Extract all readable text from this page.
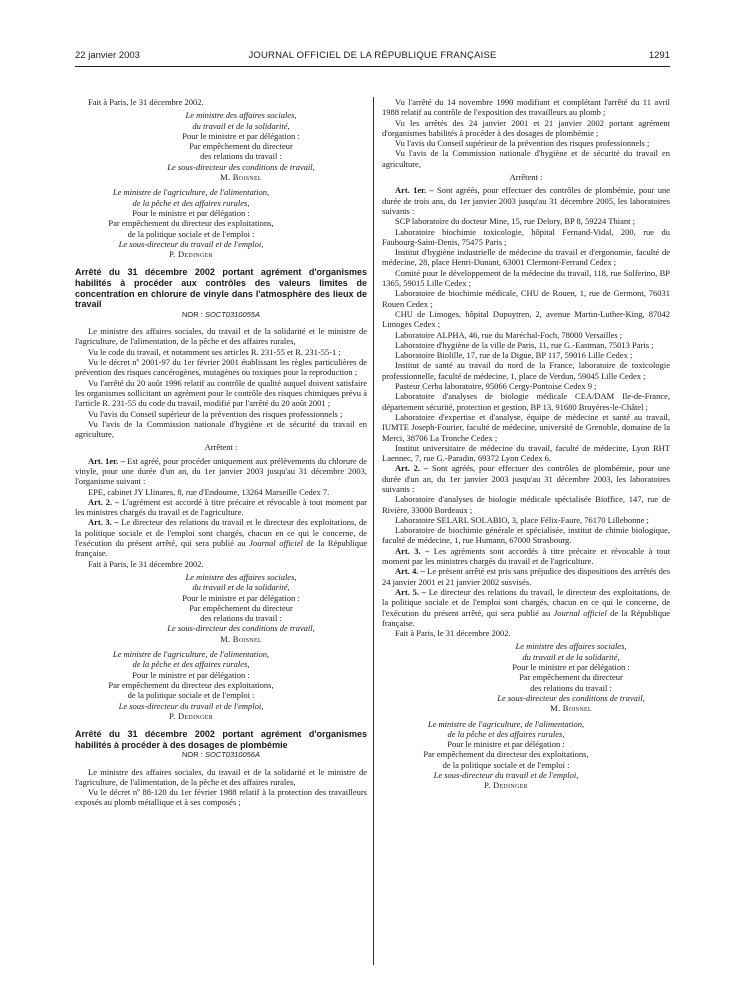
22 janvier 2003	JOURNAL OFFICIEL DE LA RÉPUBLIQUE FRANÇAISE	1291

Fait à Paris, le 31 décembre 2002.

Le ministre des affaires sociales,

du travail et de la solidarité,

Pour le ministre et par délégation :

Par empêchement du directeur

des relations du travail :

Le sous-directeur des conditions de travail,

M. Boisnel

Le ministre de l'agriculture, de l'alimentation,

de la pêche et des affaires rurales,

Pour le ministre et par délégation :

Par empêchement du directeur des exploitations,

de la politique sociale et de l'emploi :

Le sous-directeur du travail et de l'emploi,

P. Dedinger

Arrêté du 31 décembre 2002 portant agrément d'organismes habilités à procéder aux contrôles des valeurs limites de concentration en chlorure de vinyle dans l'atmosphère des lieux de travail

NOR : SOCT0310055A

Le ministre des affaires sociales, du travail et de la solidarité et le ministre de l'agriculture, de l'alimentation, de la pêche et des affaires rurales,

Vu le code du travail, et notamment ses articles R. 231-55 et R. 231-55-1 ;

Vu le décret nº 2001-97 du 1er février 2001 établissant les règles particulières de prévention des risques cancérogènes, mutagènes ou toxiques pour la reproduction ;

Vu l'arrêté du 20 août 1996 relatif au contrôle de qualité auquel doivent satisfaire les organismes sollicitant un agrément pour le contrôle des risques chimiques prévu à l'article R. 231-55 du code du travail, modifié par l'arrêté du 20 août 2001 ;

Vu l'avis du Conseil supérieur de la prévention des risques professionnels ;

Vu l'avis de la Commission nationale d'hygiène et de sécurité du travail en agriculture,

Arrêtent :

Art. 1er. – Est agréé, pour procéder uniquement aux prélèvements du chlorure de vinyle, pour une durée d'un an, du 1er janvier 2003 jusqu'au 31 décembre 2003, l'organisme suivant :

EPE, cabinet JY Llinares, 8, rue d'Endoume, 13264 Marseille Cedex 7.

Art. 2. – L'agrément est accordé à titre précaire et révocable à tout moment par les ministres chargés du travail et de l'agriculture.

Art. 3. – Le directeur des relations du travail et le directeur des exploitations, de la politique sociale et de l'emploi sont chargés, chacun en ce qui le concerne, de l'exécution du présent arrêté, qui sera publié au Journal officiel de la République française.

Fait à Paris, le 31 décembre 2002.

Le ministre des affaires sociales,

du travail et de la solidarité,

Pour le ministre et par délégation :

Par empêchement du directeur

des relations du travail :

Le sous-directeur des conditions de travail,

M. Boisnel

Le ministre de l'agriculture, de l'alimentation,

de la pêche et des affaires rurales,

Pour le ministre et par délégation :

Par empêchement du directeur des exploitations,

de la politique sociale et de l'emploi :

Le sous-directeur du travail et de l'emploi,

P. Dedinger

Arrêté du 31 décembre 2002 portant agrément d'organismes habilités à procéder à des dosages de plombémie

NOR : SOCT0310056A

Le ministre des affaires sociales, du travail et de la solidarité et le ministre de l'agriculture, de l'alimentation, de la pêche et des affaires rurales,

Vu le décret nº 88-120 du 1er février 1988 relatif à la protection des travailleurs exposés au plomb métallique et à ses composés ;

Vu l'arrêté du 14 novembre 1990 modifiant et complétant l'arrêté du 11 avril 1988 relatif au contrôle de l'exposition des travailleurs au plomb ;

Vu les arrêtés des 24 janvier 2001 et 21 janvier 2002 portant agrément d'organismes habilités à procéder à des dosages de plombémie ;

Vu l'avis du Conseil supérieur de la prévention des risques professionnels ;

Vu l'avis de la Commission nationale d'hygiène et de sécurité du travail en agriculture,

Arrêtent :

Art. 1er. – Sont agréés, pour effectuer des contrôles de plombémie, pour une durée de trois ans, du 1er janvier 2003 jusqu'au 31 décembre 2005, les laboratoires suivants :

SCP laboratoire du docteur Mine, 15, rue Delory, BP 8, 59224 Thiant ;

Laboratoire biochimie toxicologie, hôpital Fernand-Vidal, 200, rue du Faubourg-Saint-Denis, 75475 Paris ;

Institut d'hygiène industrielle de médecine du travail et d'ergonomie, faculté de médecine, 28, place Henri-Dunant, 63001 Clermont-Ferrand Cedex ;

Comité pour le développement de la médecine du travail, 118, rue Solferino, BP 1365, 59015 Lille Cedex ;

Laboratoire de biochimie médicale, CHU de Rouen, 1, rue de Germont, 76031 Rouen Cedex ;

CHU de Limoges, hôpital Dupuytren, 2, avenue Martin-Luther-King, 87042 Limoges Cedex ;

Laboratoire ALPHA, 46, rue du Maréchal-Foch, 78000 Versailles ;

Laboratoire d'hygiène de la ville de Paris, 11, rue G.-Eastman, 75013 Paris ;

Laboratoire Biolille, 17, rue de la Digue, BP 117, 59016 Lille Cedex ;

Institut de santé au travail du nord de la France, laboratoire de toxicologie professionnelle, faculté de médecine, 1, place de Verdun, 59045 Lille Cedex ;

Pasteur Cerba laboratoire, 95066 Cergy-Pontoise Cedex 9 ;

Laboratoire d'analyses de biologie médicale CEA/DAM Ile-de-France, département sécurité, protection et gestion, BP 13, 91680 Bruyères-le-Châtel ;

Laboratoire d'expertise et d'analyse, équipe de médecine et santé au travail, IUMTE Joseph-Fourier, faculté de médecine, université de Grenoble, domaine de la Merci, 38706 La Tronche Cedex ;

Institut universitaire de médecine du travail, faculté de médecine, Lyon RHT Laennec, 7, rue G.-Paradin, 69372 Lyon Cedex 6.

Art. 2. – Sont agréés, pour effectuer des contrôles de plombémie, pour une durée d'un an, du 1er janvier 2003 jusqu'au 31 décembre 2003, les laboratoires suivants :

Laboratoire d'analyses de biologie médicale spécialisée Bioffice, 147, rue de Rivière, 33000 Bordeaux ;

Laboratoire SELARL SOLABIO, 3, place Félix-Faure, 76170 Lillebonne ;

Laboratoire de biochimie générale et spécialisée, institut de chimie biologique, faculté de médecine, 1, rue Humann, 67000 Strasbourg.

Art. 3. – Les agréments sont accordés à titre précaire et révocable à tout moment par les ministres chargés du travail et de l'agriculture.

Art. 4. – Le présent arrêté est pris sans préjudice des dispositions des arrêtés des 24 janvier 2001 et 21 janvier 2002 susvisés.

Art. 5. – Le directeur des relations du travail, le directeur des exploitations, de la politique sociale et de l'emploi sont chargés, chacun en ce qui le concerne, de l'exécution du présent arrêté, qui sera publié au Journal officiel de la République française.

Fait à Paris, le 31 décembre 2002.

Le ministre des affaires sociales,

du travail et de la solidarité,

Pour le ministre et par délégation :

Par empêchement du directeur

des relations du travail :

Le sous-directeur des conditions de travail,

M. Boisnel

Le ministre de l'agriculture, de l'alimentation,

de la pêche et des affaires rurales,

Pour le ministre et par délégation :

Par empêchement du directeur des exploitations,

de la politique sociale et de l'emploi :

Le sous-directeur du travail et de l'emploi,

P. Dedinger
